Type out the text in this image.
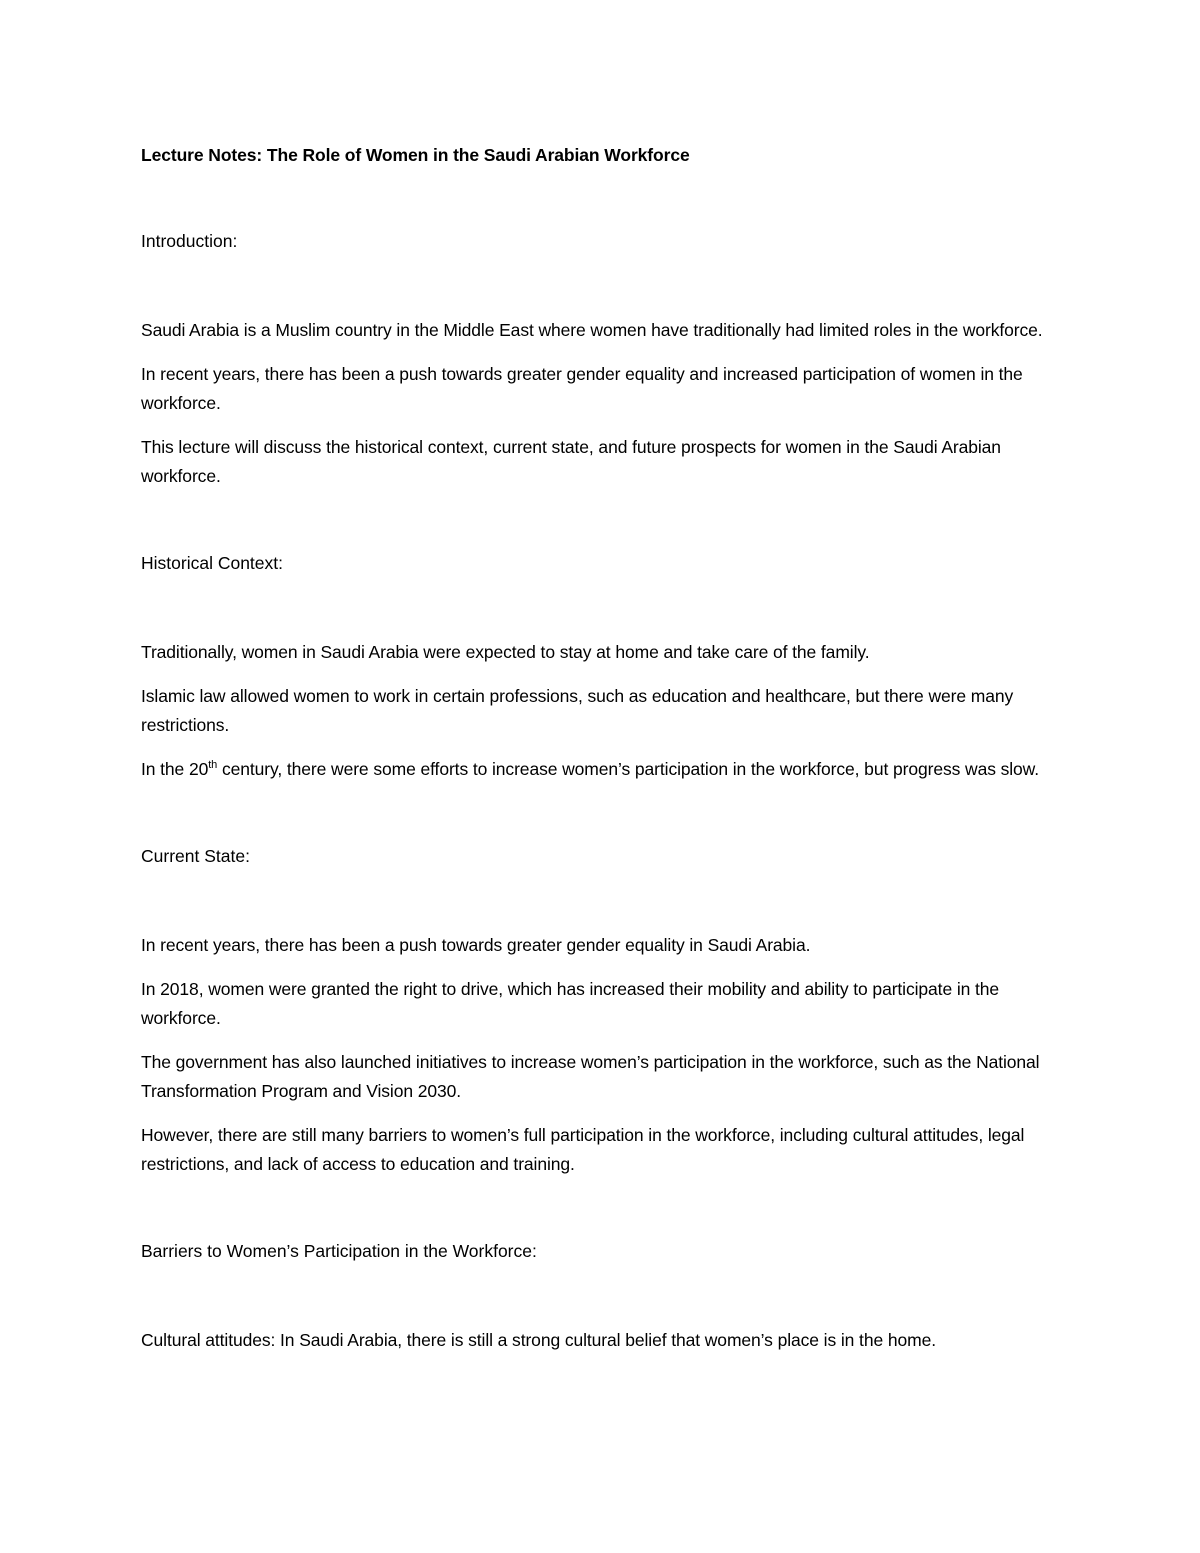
Lecture Notes: The Role of Women in the Saudi Arabian Workforce

Introduction:

Saudi Arabia is a Muslim country in the Middle East where women have traditionally had limited roles in the workforce.

In recent years, there has been a push towards greater gender equality and increased participation of women in the workforce.

This lecture will discuss the historical context, current state, and future prospects for women in the Saudi Arabian workforce.

Historical Context:

Traditionally, women in Saudi Arabia were expected to stay at home and take care of the family.

Islamic law allowed women to work in certain professions, such as education and healthcare, but there were many restrictions.

In the 20th century, there were some efforts to increase women’s participation in the workforce, but progress was slow.

Current State:

In recent years, there has been a push towards greater gender equality in Saudi Arabia.

In 2018, women were granted the right to drive, which has increased their mobility and ability to participate in the workforce.

The government has also launched initiatives to increase women’s participation in the workforce, such as the National Transformation Program and Vision 2030.

However, there are still many barriers to women’s full participation in the workforce, including cultural attitudes, legal restrictions, and lack of access to education and training.

Barriers to Women’s Participation in the Workforce:

Cultural attitudes: In Saudi Arabia, there is still a strong cultural belief that women’s place is in the home.
